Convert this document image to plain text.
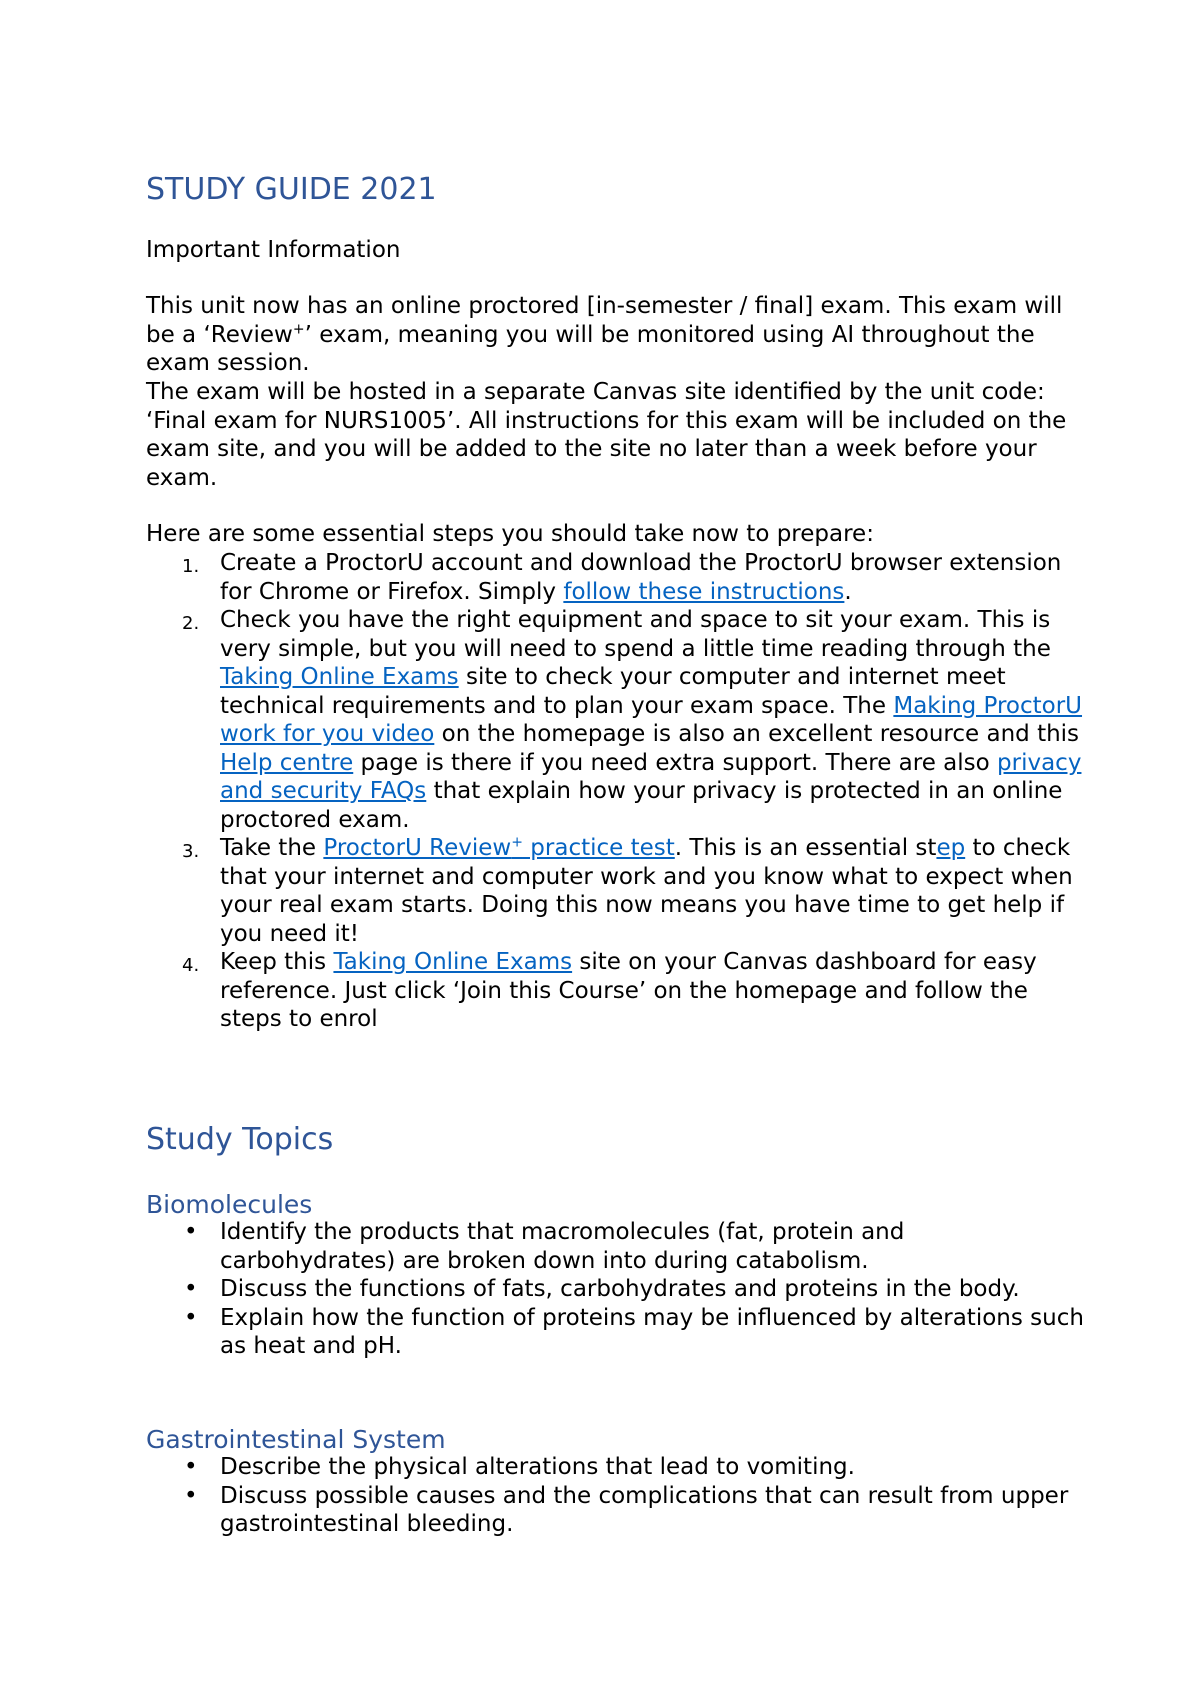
STUDY GUIDE 2021

Important Information

This unit now has an online proctored [in-semester / final] exam. This exam will be a ‘Review+’ exam, meaning you will be monitored using AI throughout the exam session.

The exam will be hosted in a separate Canvas site identified by the unit code: ‘Final exam for NURS1005’. All instructions for this exam will be included on the exam site, and you will be added to the site no later than a week before your exam.

Here are some essential steps you should take now to prepare:

1. Create a ProctorU account and download the ProctorU browser extension for Chrome or Firefox. Simply follow these instructions.
2. Check you have the right equipment and space to sit your exam. This is very simple, but you will need to spend a little time reading through the Taking Online Exams site to check your computer and internet meet technical requirements and to plan your exam space. The Making ProctorU work for you video on the homepage is also an excellent resource and this Help centre page is there if you need extra support. There are also privacy and security FAQs that explain how your privacy is protected in an online proctored exam.
3. Take the ProctorU Review+ practice test. This is an essential step to check that your internet and computer work and you know what to expect when your real exam starts. Doing this now means you have time to get help if you need it!
4. Keep this Taking Online Exams site on your Canvas dashboard for easy reference. Just click ‘Join this Course’ on the homepage and follow the steps to enrol
Study Topics
Biomolecules
• Identify the products that macromolecules (fat, protein and carbohydrates) are broken down into during catabolism.
• Discuss the functions of fats, carbohydrates and proteins in the body.
• Explain how the function of proteins may be influenced by alterations such as heat and pH.
Gastrointestinal System
• Describe the physical alterations that lead to vomiting.
• Discuss possible causes and the complications that can result from upper gastrointestinal bleeding.
